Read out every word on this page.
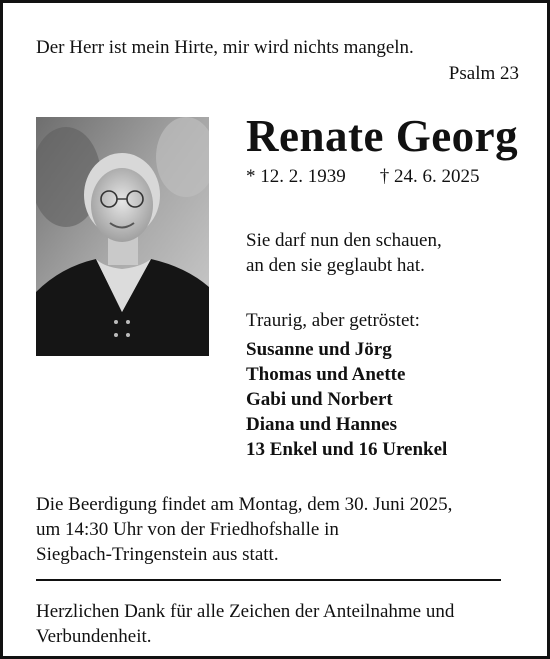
Der Herr ist mein Hirte, mir wird nichts mangeln.
Psalm 23
Renate Georg
* 12. 2. 1939 † 24. 6. 2025
Sie darf nun den schauen,
an den sie geglaubt hat.
Traurig, aber getröstet:
Susanne und Jörg
Thomas und Anette
Gabi und Norbert
Diana und Hannes
13 Enkel und 16 Urenkel
Die Beerdigung findet am Montag, dem 30. Juni 2025,
um 14:30 Uhr von der Friedhofshalle in
Siegbach-Tringenstein aus statt.
Herzlichen Dank für alle Zeichen der Anteilnahme und
Verbundenheit.
